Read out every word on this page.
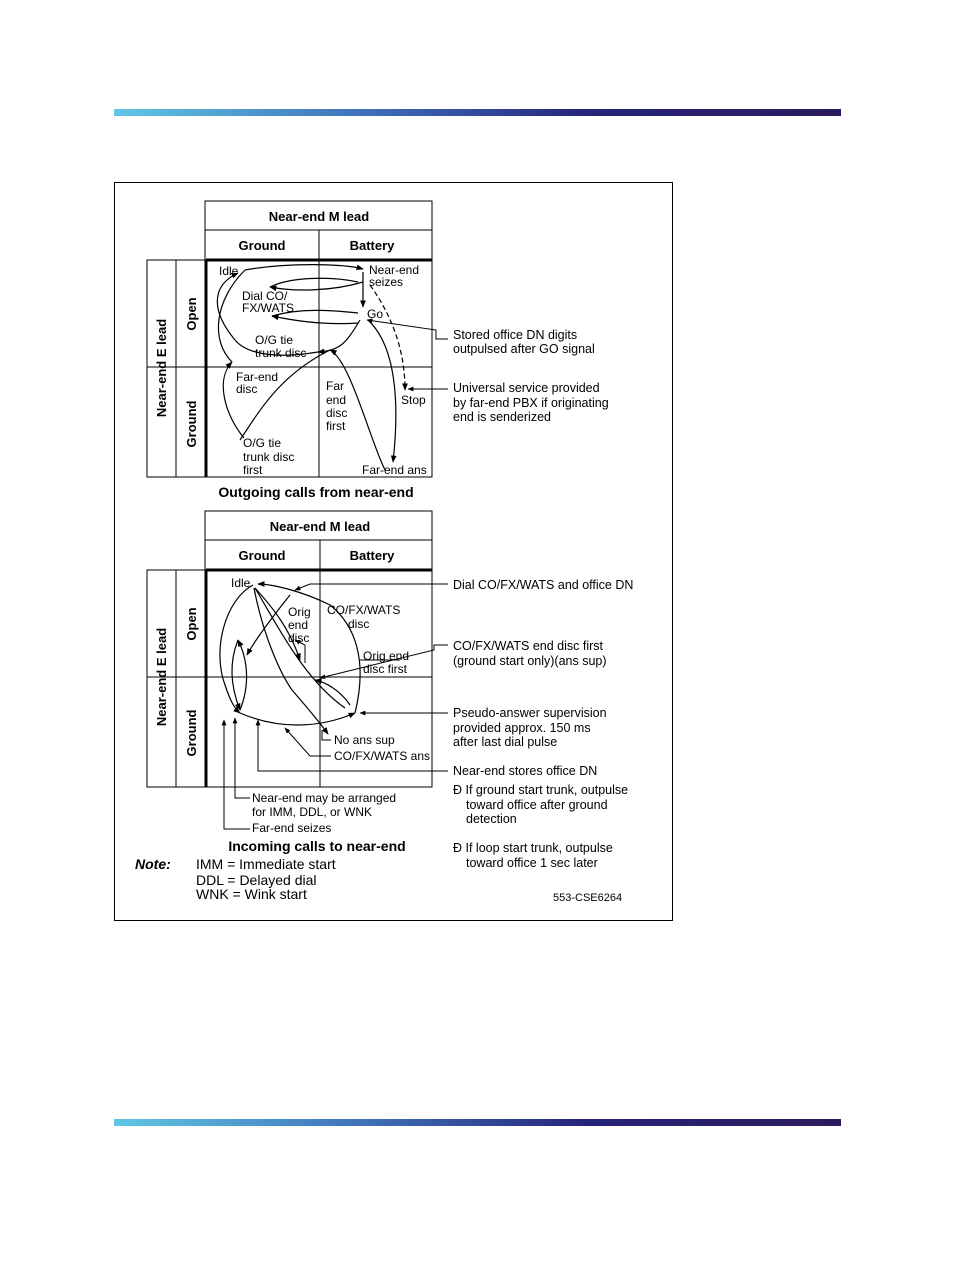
Near-end M lead
Ground	Battery
Near-end E lead
Open
Ground
Idle	Near-end
seizes
Dial CO/
FX/WATS	Go
O/G tie
trunk disc
Far-end
disc	Far
end
disc
first
Stop
O/G tie
trunk disc
first	Far-end ans
Stored office DN digits
outpulsed after GO signal
Universal service provided
by far-end PBX if originating
end is senderized
Outgoing calls from near-end
Near-end M lead
Ground	Battery
Near-end E lead
Open
Ground
Idle
Orig
end
disc
CO/FX/WATS
disc
Orig end
disc first
No ans sup
CO/FX/WATS ans
Near-end may be arranged
for IMM, DDL, or WNK
Far-end seizes
Dial CO/FX/WATS and office DN
CO/FX/WATS end disc first
(ground start only)(ans sup)
Pseudo-answer supervision
provided approx. 150 ms
after last dial pulse
Near-end stores office DN
Ð If ground start trunk, outpulse
toward office after ground
detection
Ð If loop start trunk, outpulse
toward office 1 sec later
Incoming calls to near-end
Note: IMM = Immediate start
DDL = Delayed dial
WNK = Wink start	553-CSE6264
